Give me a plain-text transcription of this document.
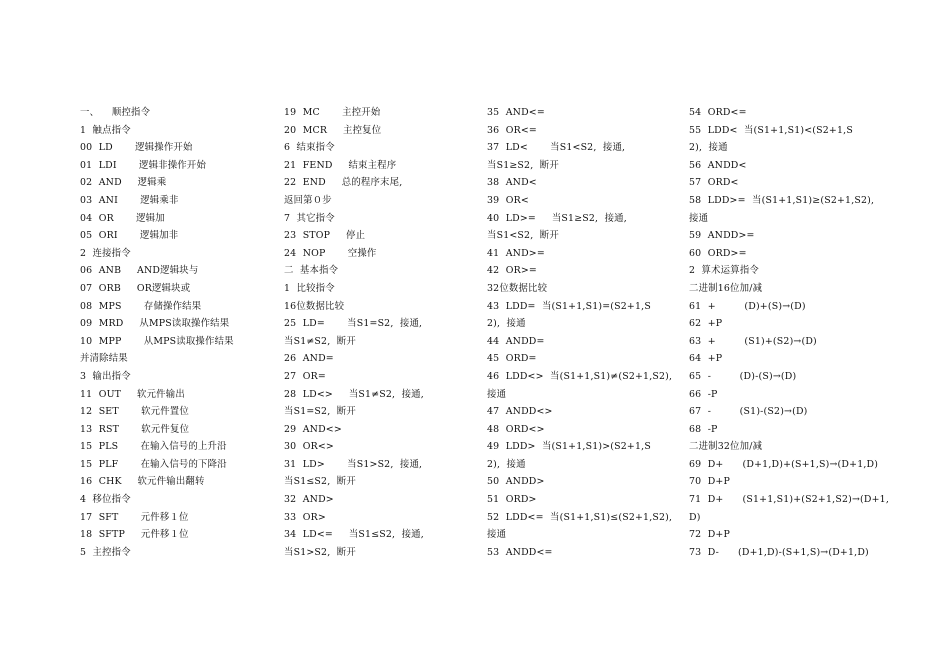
一、    顺控指令
1  触点指令
00  LD       逻辑操作开始
01  LDI       逻辑非操作开始
02  AND     逻辑乘
03  ANI       逻辑乘非
04  OR       逻辑加
05  ORI       逻辑加非
2  连接指令
06  ANB     AND逻辑块与
07  ORB     OR逻辑块或
08  MPS       存储操作结果
09  MRD     从MPS读取操作结果
10  MPP       从MPS读取操作结果
并清除结果
3  输出指令
11  OUT     软元件输出
12  SET       软元件置位
13  RST       软元件复位
15  PLS       在输入信号的上升沿
15  PLF       在输入信号的下降沿
16  CHK     软元件输出翻转
4  移位指令
17  SFT       元件移１位
18  SFTP     元件移１位
5  主控指令
19  MC       主控开始
20  MCR     主控复位
6  结束指令
21  FEND     结束主程序
22  END     总的程序末尾,
返回第０步
7  其它指令
23  STOP     停止
24  NOP       空操作
二  基本指令
1  比较指令
16位数据比较
25  LD=       当S1=S2,  接通,
当S1≠S2,  断开
26  AND=
27  OR=
28  LD<>     当S1≠S2,  接通,
当S1=S2,  断开
29  AND<>
30  OR<>
31  LD>       当S1>S2,  接通,
当S1≤S2,  断开
32  AND>
33  OR>
34  LD<=     当S1≤S2,  接通,
当S1>S2,  断开
35  AND<=
36  OR<=
37  LD<       当S1<S2,  接通,
当S1≥S2,  断开
38  AND<
39  OR<
40  LD>=     当S1≥S2,  接通,
当S1<S2,  断开
41  AND>=
42  OR>=
32位数据比较
43  LDD=  当(S1+1,S1)=(S2+1,S
2),  接通
44  ANDD=
45  ORD=
46  LDD<>  当(S1+1,S1)≠(S2+1,S2),
接通
47  ANDD<>
48  ORD<>
49  LDD>  当(S1+1,S1)>(S2+1,S
2),  接通
50  ANDD>
51  ORD>
52  LDD<=  当(S1+1,S1)≤(S2+1,S2),
接通
53  ANDD<=
54  ORD<=
55  LDD<  当(S1+1,S1)<(S2+1,S
2),  接通
56  ANDD<
57  ORD<
58  LDD>=  当(S1+1,S1)≥(S2+1,S2),
接通
59  ANDD>=
60  ORD>=
2  算术运算指令
二进制16位加/减
61  +         (D)+(S)→(D)
62  +P
63  +         (S1)+(S2)→(D)
64  +P
65  -         (D)-(S)→(D)
66  -P
67  -         (S1)-(S2)→(D)
68  -P
二进制32位加/减
69  D+      (D+1,D)+(S+1,S)→(D+1,D)
70  D+P
71  D+      (S1+1,S1)+(S2+1,S2)→(D+1,
D)
72  D+P
73  D-      (D+1,D)-(S+1,S)→(D+1,D)
